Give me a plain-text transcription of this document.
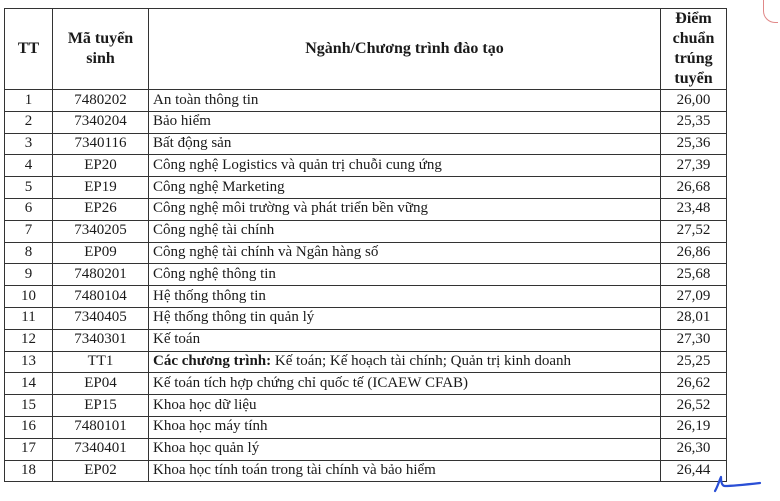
TT	Mã tuyển sinh	Ngành/Chương trình đào tạo	Điểm chuẩn trúng tuyển
1	7480202	An toàn thông tin	26,00
2	7340204	Bảo hiểm	25,35
3	7340116	Bất động sản	25,36
4	EP20	Công nghệ Logistics và quản trị chuỗi cung ứng	27,39
5	EP19	Công nghệ Marketing	26,68
6	EP26	Công nghệ môi trường và phát triển bền vững	23,48
7	7340205	Công nghệ tài chính	27,52
8	EP09	Công nghệ tài chính và Ngân hàng số	26,86
9	7480201	Công nghệ thông tin	25,68
10	7480104	Hệ thống thông tin	27,09
11	7340405	Hệ thống thông tin quản lý	28,01
12	7340301	Kế toán	27,30
13	TT1	Các chương trình: Kế toán; Kế hoạch tài chính; Quản trị kinh doanh	25,25
14	EP04	Kế toán tích hợp chứng chỉ quốc tế (ICAEW CFAB)	26,62
15	EP15	Khoa học dữ liệu	26,52
16	7480101	Khoa học máy tính	26,19
17	7340401	Khoa học quản lý	26,30
18	EP02	Khoa học tính toán trong tài chính và bảo hiểm	26,44
